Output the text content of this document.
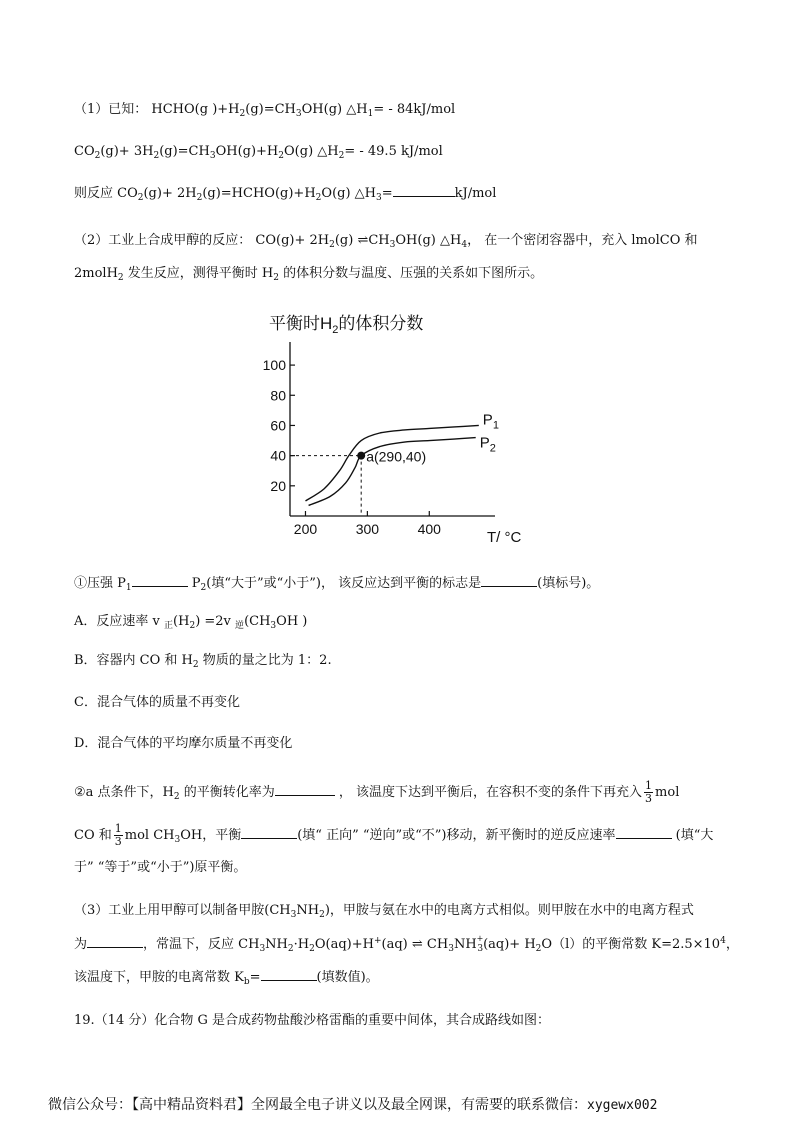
（1）已知： HCHO(g )$+H_2(g)=CH_3OH(g)$ $\triangle H_1= - 84kJ/mol$
$CO_2(g)+ 3H_2(g)=CH_3OH(g)+H_2O(g)$ $\triangle H_2= - 49.5$ kJ/mol
则反应 $CO_2(g)+$ $2H_2(g)=HCHO(g)+H_2O(g)$ $\triangle H_3=$	kJ/mol
（2）工业上合成甲醇的反应： $CO(g)+ 2H_2(g)$ $\rightleftharpoons CH_3OH(g)$ $\triangle H_4$， 在一个密闭容器中，充入 lmolCO 和
2molH$_2$ 发生反应，测得平衡时 $H_2$ 的体积分数与温度、压强的关系如下图所示。
平衡时$H_2$的体积分数
20
40
60
80
100
200	300	400
$P_1$
$P_2$
a(290,40)
T/ °C
①压强 $P_1$	$P_2$(填“大于”或“小于”)， 该反应达到平衡的标志是	(填标号)。
A．反应速率 v $_正(H_2) =2v$ $_逆(CH_3OH$ )
B．容器内 CO 和 $H_2$ 物质的量之比为 1：2.
C．混合气体的质量不再变化
D．混合气体的平均摩尔质量不再变化
②a 点条件下，$H_2$ 的平衡转化率为	， 该温度下达到平衡后，在容积不变的条件下再充入 $\frac{1}{3}$ mol
CO 和 $\frac{1}{3}$ mol $CH_3OH$，平衡	(填“ 正向” “逆向”或“不”)移动，新平衡时的逆反应速率	(填“大
于” “等于”或“小于”)原平衡。
（3）工业上用甲醇可以制备甲胺$(CH_3NH_2)$，甲胺与氨在水中的电离方式相似。则甲胺在水中的电离方程式
为	，常温下，反应 $CH_3NH_2\cdot H_2O(aq)+H^+(aq)$ ⇌ $CH_3NH_{+3}(aq)+ H_2O(l)$的平衡常数 $K=2.5\times 10^4$，
该温度下，甲胺的电离常数 $K_b=$	(填数值)。
19.（14 分）化合物 G 是合成药物盐酸沙格雷酯的重要中间体，其合成路线如图：
微信公众号：【高中精品资料君】全网最全电子讲义以及最全网课，有需要的联系微信：xygewx002
